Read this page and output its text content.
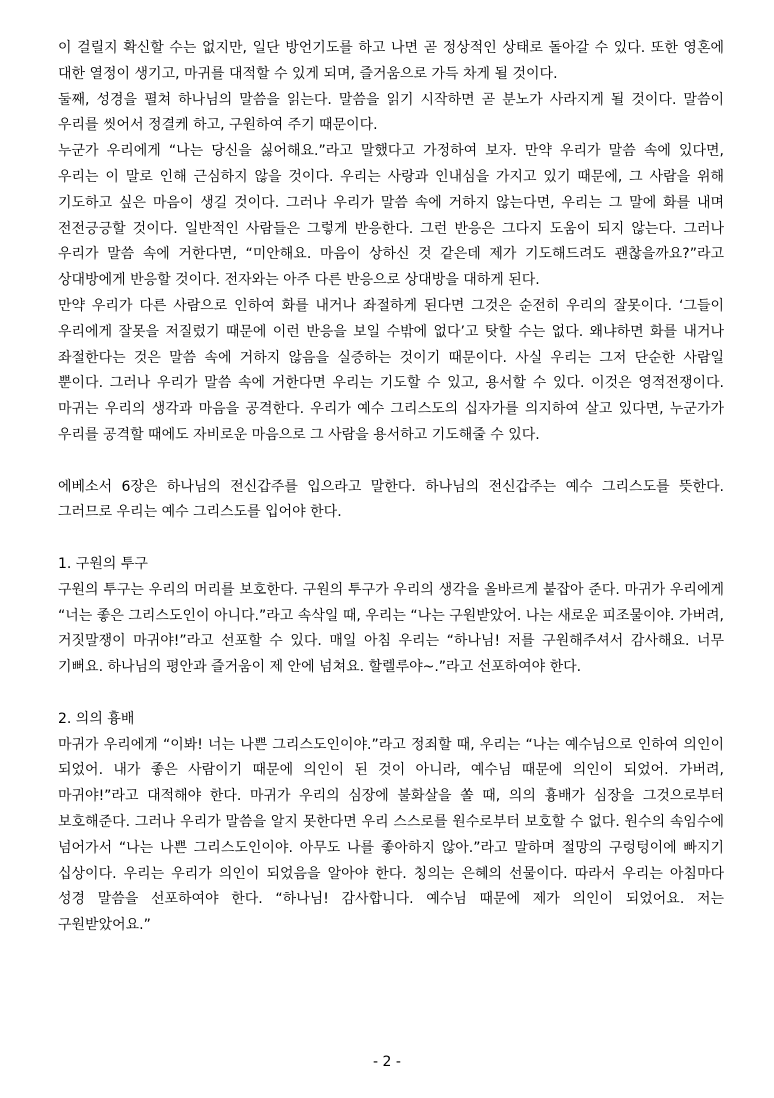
이 걸릴지 확신할 수는 없지만, 일단 방언기도를 하고 나면 곧 정상적인 상태로 돌아갈 수 있다. 또한 영혼에 대한 열정이 생기고, 마귀를 대적할 수 있게 되며, 즐거움으로 가득 차게 될 것이다.

둘째, 성경을 펼쳐 하나님의 말씀을 읽는다. 말씀을 읽기 시작하면 곧 분노가 사라지게 될 것이다. 말씀이 우리를 씻어서 정결케 하고, 구원하여 주기 때문이다.

누군가 우리에게 “나는 당신을 싫어해요.”라고 말했다고 가정하여 보자. 만약 우리가 말씀 속에 있다면, 우리는 이 말로 인해 근심하지 않을 것이다. 우리는 사랑과 인내심을 가지고 있기 때문에, 그 사람을 위해 기도하고 싶은 마음이 생길 것이다. 그러나 우리가 말씀 속에 거하지 않는다면, 우리는 그 말에 화를 내며 전전긍긍할 것이다. 일반적인 사람들은 그렇게 반응한다. 그런 반응은 그다지 도움이 되지 않는다. 그러나 우리가 말씀 속에 거한다면, “미안해요. 마음이 상하신 것 같은데 제가 기도해드려도 괜찮을까요?”라고 상대방에게 반응할 것이다. 전자와는 아주 다른 반응으로 상대방을 대하게 된다.

만약 우리가 다른 사람으로 인하여 화를 내거나 좌절하게 된다면 그것은 순전히 우리의 잘못이다. ‘그들이 우리에게 잘못을 저질렀기 때문에 이런 반응을 보일 수밖에 없다’고 탓할 수는 없다. 왜냐하면 화를 내거나 좌절한다는 것은 말씀 속에 거하지 않음을 실증하는 것이기 때문이다. 사실 우리는 그저 단순한 사람일 뿐이다. 그러나 우리가 말씀 속에 거한다면 우리는 기도할 수 있고, 용서할 수 있다. 이것은 영적전쟁이다. 마귀는 우리의 생각과 마음을 공격한다. 우리가 예수 그리스도의 십자가를 의지하여 살고 있다면, 누군가가 우리를 공격할 때에도 자비로운 마음으로 그 사람을 용서하고 기도해줄 수 있다.

에베소서 6장은 하나님의 전신갑주를 입으라고 말한다. 하나님의 전신갑주는 예수 그리스도를 뜻한다. 그러므로 우리는 예수 그리스도를 입어야 한다.

1. 구원의 투구

구원의 투구는 우리의 머리를 보호한다. 구원의 투구가 우리의 생각을 올바르게 붙잡아 준다. 마귀가 우리에게 “너는 좋은 그리스도인이 아니다.”라고 속삭일 때, 우리는 “나는 구원받았어. 나는 새로운 피조물이야. 가버려, 거짓말쟁이 마귀야!”라고 선포할 수 있다. 매일 아침 우리는 “하나님! 저를 구원해주셔서 감사해요. 너무 기뻐요. 하나님의 평안과 즐거움이 제 안에 넘쳐요. 할렐루야~.”라고 선포하여야 한다.

2. 의의 흉배

마귀가 우리에게 “이봐! 너는 나쁜 그리스도인이야.”라고 정죄할 때, 우리는 “나는 예수님으로 인하여 의인이 되었어. 내가 좋은 사람이기 때문에 의인이 된 것이 아니라, 예수님 때문에 의인이 되었어. 가버려, 마귀야!”라고 대적해야 한다. 마귀가 우리의 심장에 불화살을 쏠 때, 의의 흉배가 심장을 그것으로부터 보호해준다. 그러나 우리가 말씀을 알지 못한다면 우리 스스로를 원수로부터 보호할 수 없다. 원수의 속임수에 넘어가서 “나는 나쁜 그리스도인이야. 아무도 나를 좋아하지 않아.”라고 말하며 절망의 구렁텅이에 빠지기 십상이다. 우리는 우리가 의인이 되었음을 알아야 한다. 칭의는 은혜의 선물이다. 따라서 우리는 아침마다 성경 말씀을 선포하여야 한다. “하나님! 감사합니다. 예수님 때문에 제가 의인이 되었어요. 저는 구원받았어요.”

- 2 -
